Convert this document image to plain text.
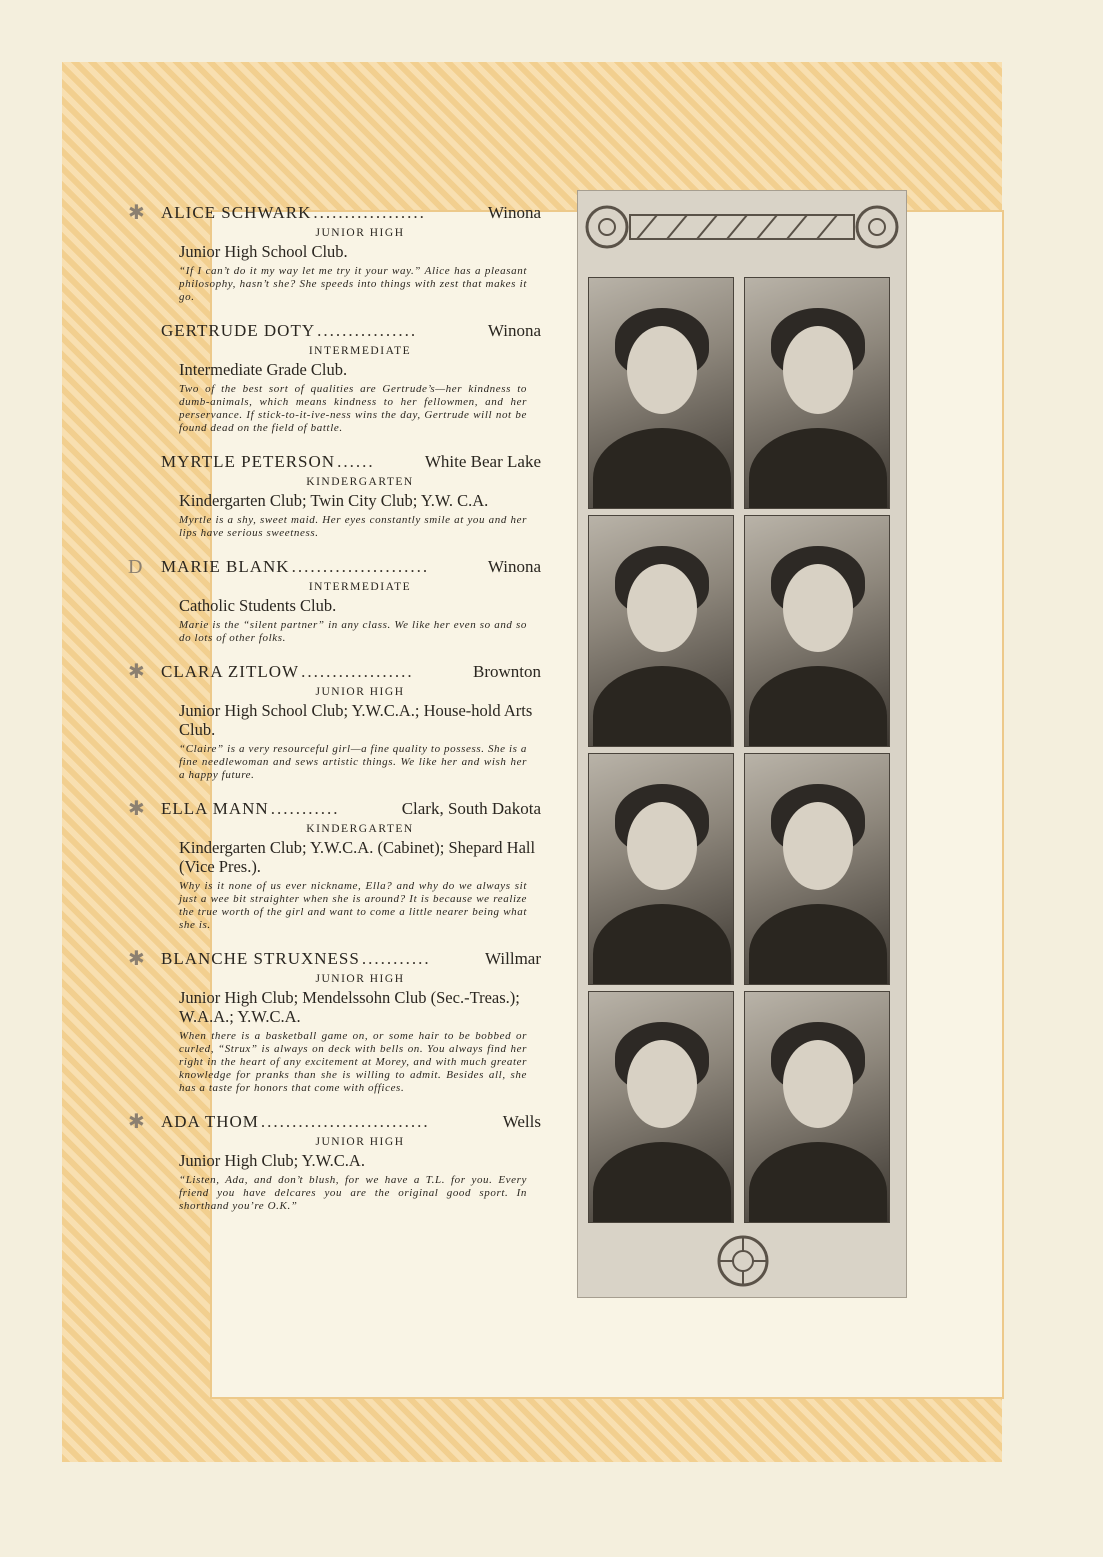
✱ ALICE SCHWARK ..................	Winona
JUNIOR HIGH
Junior High School Club.
“If I can’t do it my way let me try it your way.” Alice has a pleasant philosophy, hasn’t she? She speeds into things with zest that makes it go.
GERTRUDE DOTY ................	Winona
INTERMEDIATE
Intermediate Grade Club.
Two of the best sort of qualities are Gertrude’s—her kindness to dumb-animals, which means kindness to her fellowmen, and her perservance. If stick-to-it-ive-ness wins the day, Gertrude will not be found dead on the field of battle.
MYRTLE PETERSON ......	White Bear Lake
KINDERGARTEN
Kindergarten Club; Twin City Club; Y.W. C.A.
Myrtle is a shy, sweet maid. Her eyes constantly smile at you and her lips have serious sweetness.
D MARIE BLANK ......................	Winona
INTERMEDIATE
Catholic Students Club.
Marie is the “silent partner” in any class. We like her even so and so do lots of other folks.
✱ CLARA ZITLOW ..................	Brownton
JUNIOR HIGH
Junior High School Club; Y.W.C.A.; House-hold Arts Club.
“Claire” is a very resourceful girl—a fine quality to possess. She is a fine needlewoman and sews artistic things. We like her and wish her a happy future.
✱ ELLA MANN ...........	Clark, South Dakota
KINDERGARTEN
Kindergarten Club; Y.W.C.A. (Cabinet); Shepard Hall (Vice Pres.).
Why is it none of us ever nickname, Ella? and why do we always sit just a wee bit straighter when she is around? It is because we realize the true worth of the girl and want to come a little nearer being what she is.
✱ BLANCHE STRUXNESS ...........	Willmar
JUNIOR HIGH
Junior High Club; Mendelssohn Club (Sec.-Treas.); W.A.A.; Y.W.C.A.
When there is a basketball game on, or some hair to be bobbed or curled, “Strux” is always on deck with bells on. You always find her right in the heart of any excitement at Morey, and with much greater knowledge for pranks than she is willing to admit. Besides all, she has a taste for honors that come with offices.
✱ ADA THOM ...........................	Wells
JUNIOR HIGH
Junior High Club; Y.W.C.A.
“Listen, Ada, and don’t blush, for we have a T.L. for you. Every friend you have delcares you are the original good sport. In shorthand you’re O.K.”
